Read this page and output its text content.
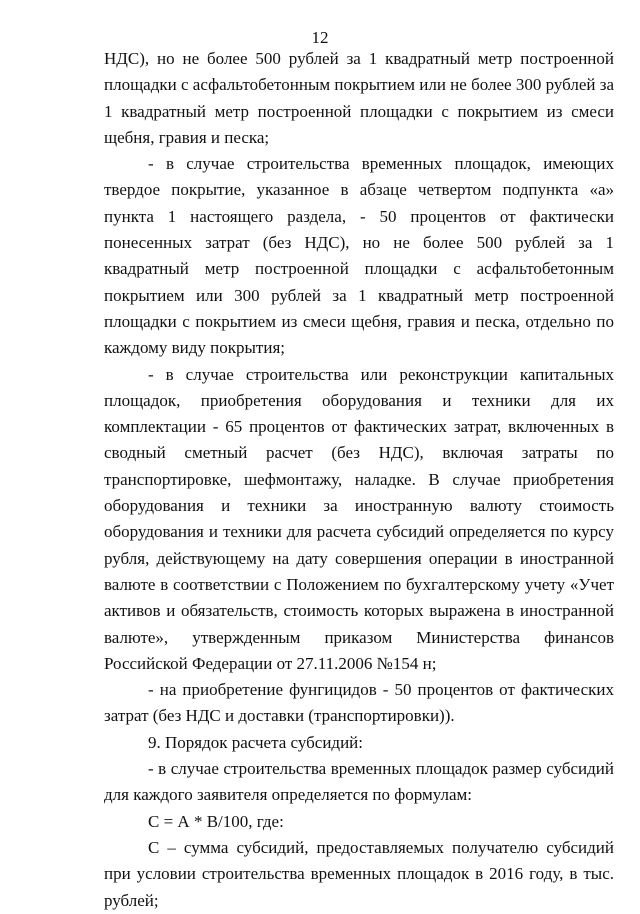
12

НДС), но не более 500 рублей за 1 квадратный метр построенной площадки с асфальтобетонным покрытием или не более 300 рублей за 1 квадратный метр построенной площадки с покрытием из смеси щебня, гравия и песка;

- в случае строительства временных площадок, имеющих твердое покрытие, указанное в абзаце четвертом подпункта «а» пункта 1 настоящего раздела, - 50 процентов от фактически понесенных затрат (без НДС), но не более 500 рублей за 1 квадратный метр построенной площадки с асфальтобетонным покрытием или 300 рублей за 1 квадратный метр построенной площадки с покрытием из смеси щебня, гравия и песка, отдельно по каждому виду покрытия;

- в случае строительства или реконструкции капитальных площадок, приобретения оборудования и техники для их комплектации - 65 процентов от фактических затрат, включенных в сводный сметный расчет (без НДС), включая затраты по транспортировке, шефмонтажу, наладке. В случае приобретения оборудования и техники за иностранную валюту стоимость оборудования и техники для расчета субсидий определяется по курсу рубля, действующему на дату совершения операции в иностранной валюте в соответствии с Положением по бухгалтерскому учету «Учет активов и обязательств, стоимость которых выражена в иностранной валюте», утвержденным приказом Министерства финансов Российской Федерации от 27.11.2006 №154 н;

- на приобретение фунгицидов - 50 процентов от фактических затрат (без НДС и доставки (транспортировки)).

9. Порядок расчета субсидий:

- в случае строительства временных площадок размер субсидий для каждого заявителя определяется по формулам:

С = А * В/100, где:

С – сумма субсидий, предоставляемых получателю субсидий при условии строительства временных площадок в 2016 году, в тыс. рублей;
